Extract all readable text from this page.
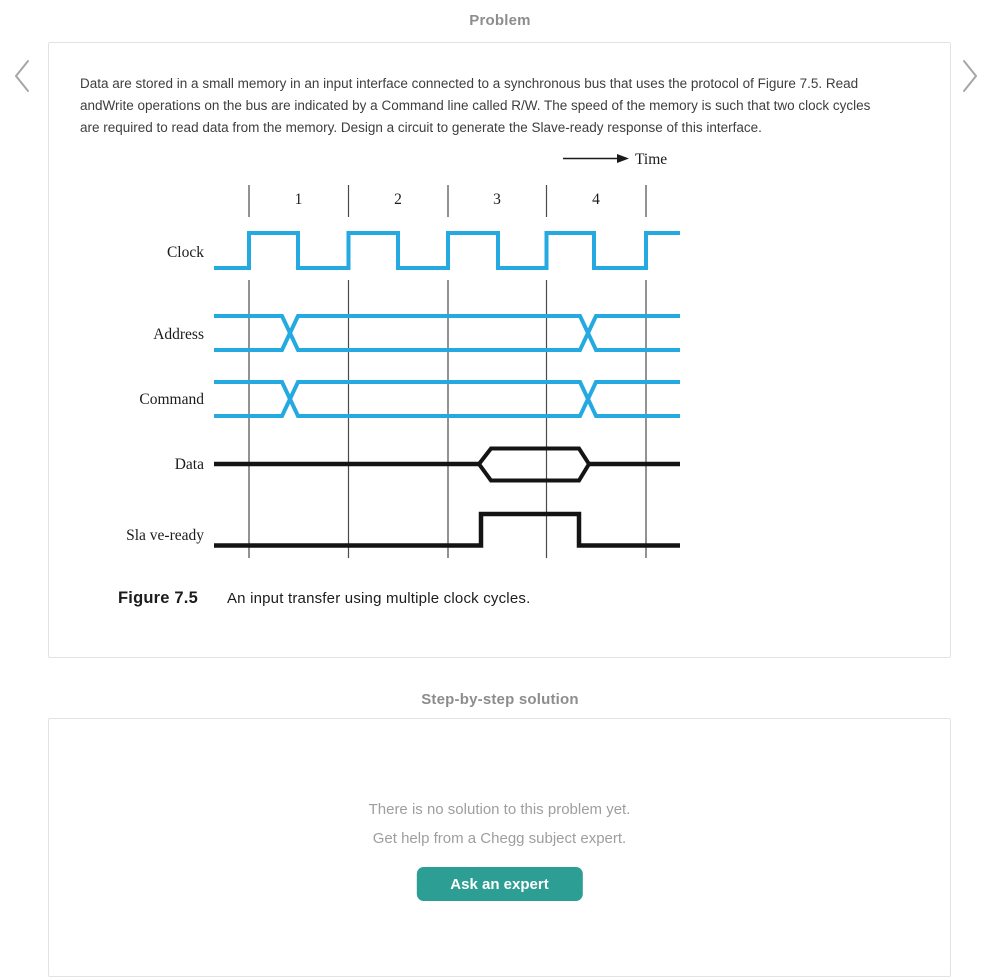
Problem
Data are stored in a small memory in an input interface connected to a synchronous bus that uses the protocol of Figure 7.5. Read
andWrite operations on the bus are indicated by a Command line called R/W. The speed of the memory is such that two clock cycles
are required to read data from the memory. Design a circuit to generate the Slave-ready response of this interface.
Time
1	2	3	4
Clock
Address
Command
Data
Sla ve-ready
Figure 7.5 An input transfer using multiple clock cycles.
Step-by-step solution
There is no solution to this problem yet.
Get help from a Chegg subject expert.
Ask an expert
